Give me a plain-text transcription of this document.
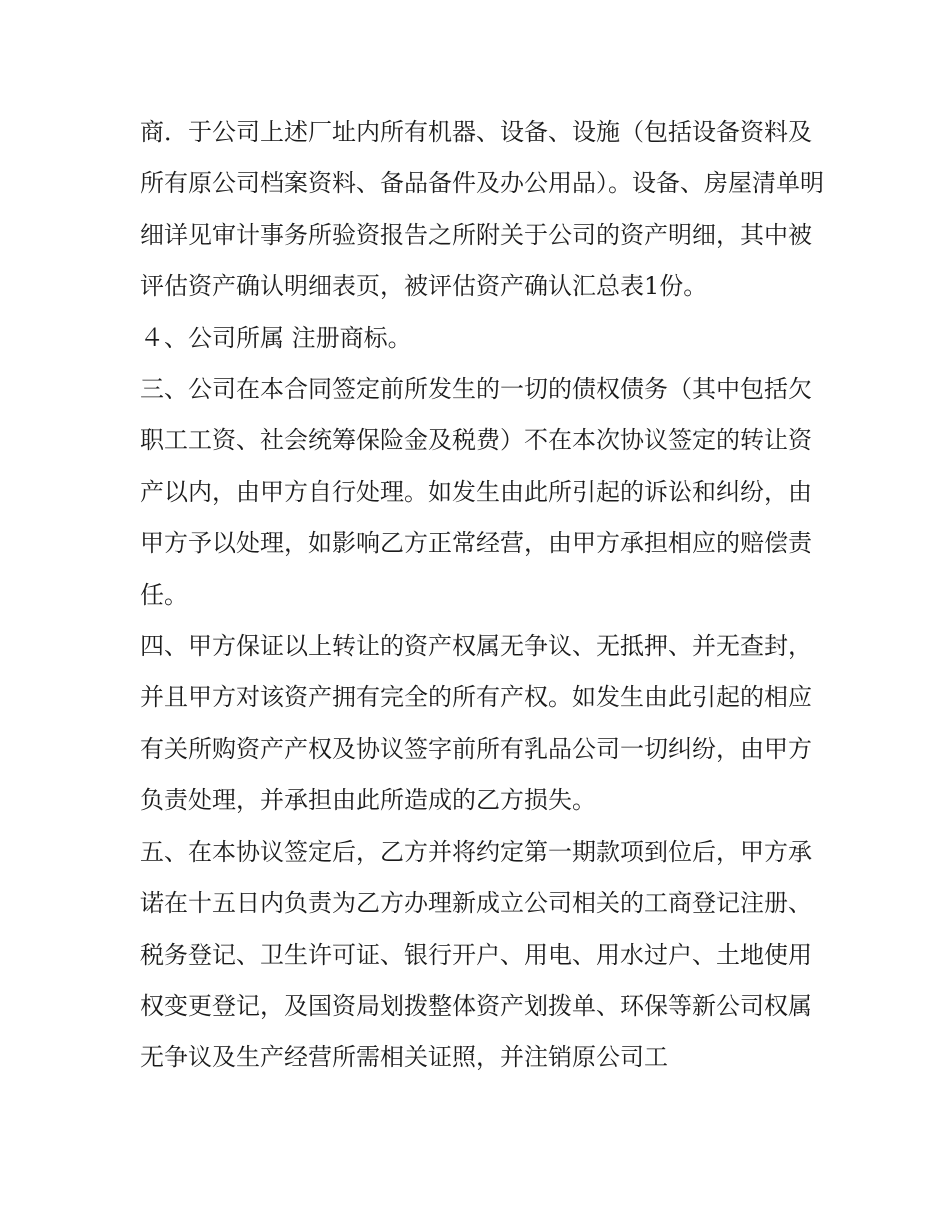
商．于公司上述厂址内所有机器、设备、设施（包括设备资料及所有原公司档案资料、备品备件及办公用品）。设备、房屋清单明细详见审计事务所验资报告之所附关于公司的资产明细，其中被评估资产确认明细表页，被评估资产确认汇总表1份。

４、公司所属 注册商标。

三、公司在本合同签定前所发生的一切的债权债务（其中包括欠职工工资、社会统筹保险金及税费）不在本次协议签定的转让资产以内，由甲方自行处理。如发生由此所引起的诉讼和纠纷，由甲方予以处理，如影响乙方正常经营，由甲方承担相应的赔偿责任。

四、甲方保证以上转让的资产权属无争议、无抵押、并无查封，并且甲方对该资产拥有完全的所有产权。如发生由此引起的相应有关所购资产产权及协议签字前所有乳品公司一切纠纷，由甲方负责处理，并承担由此所造成的乙方损失。

五、在本协议签定后，乙方并将约定第一期款项到位后，甲方承诺在十五日内负责为乙方办理新成立公司相关的工商登记注册、税务登记、卫生许可证、银行开户、用电、用水过户、土地使用权变更登记，及国资局划拨整体资产划拨单、环保等新公司权属无争议及生产经营所需相关证照，并注销原公司工
